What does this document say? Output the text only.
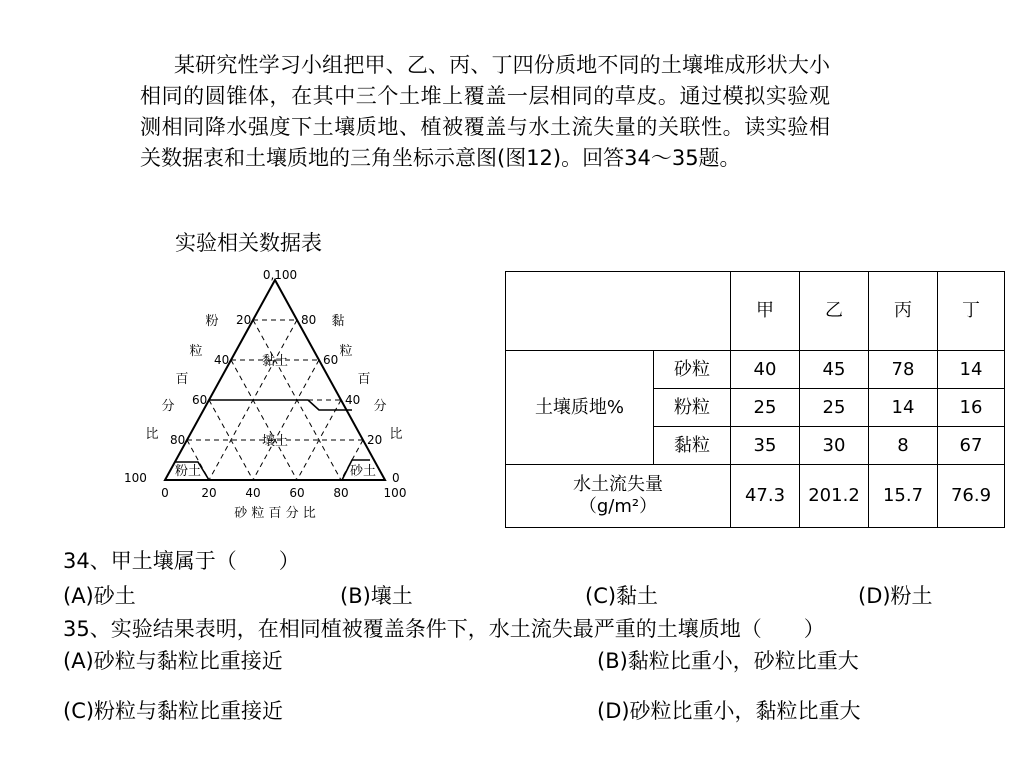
某研究性学习小组把甲、乙、丙、丁四份质地不同的土壤堆成形状大小相同的圆锥体，在其中三个土堆上覆盖一层相同的草皮。通过模拟实验观测相同降水强度下土壤质地、植被覆盖与水土流失量的关联性。读实验相关数据衷和土壤质地的三角坐标示意图(图12)。回答34～35题。

实验相关数据表
黏土
壤土
粉土	砂土
0,100
20
40
60
80
80
60
40
20
100	0
0	20 40 60 80	100
粉
粒
百
分
比
黏
粒
百
分
比
砂 粒 百 分 比
		甲	乙	丙	丁
土壤质地%	砂粒	40	45	78	14
	粉粒	25	25	14	16
	黏粒	35	30	8	67

水土流失量
（g/m²）		47.3	201.2	15.7	76.9
34、甲土壤属于（　　）
(A)砂土	(B)壤土	(C)黏土	(D)粉土
35、实验结果表明，在相同植被覆盖条件下，水土流失最严重的土壤质地（　　）
(A)砂粒与黏粒比重接近	(B)黏粒比重小，砂粒比重大
(C)粉粒与黏粒比重接近	(D)砂粒比重小，黏粒比重大
